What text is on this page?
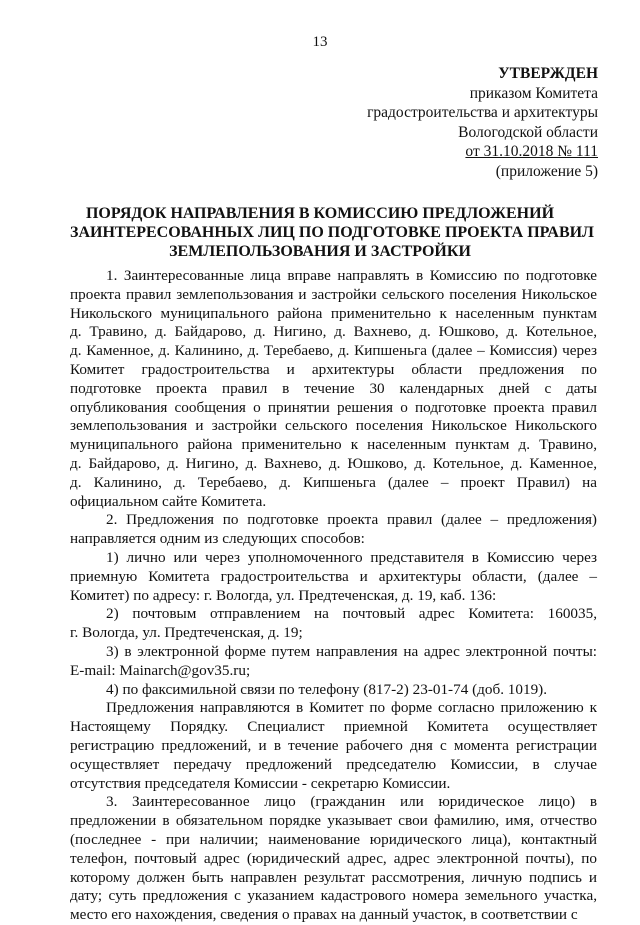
13
УТВЕРЖДЕН
приказом Комитета
градостроительства и архитектуры
Вологодской области
от 31.10.2018 № 111
(приложение 5)
ПОРЯДОК НАПРАВЛЕНИЯ В КОМИССИЮ ПРЕДЛОЖЕНИЙ
ЗАИНТЕРЕСОВАННЫХ ЛИЦ ПО ПОДГОТОВКЕ ПРОЕКТА ПРАВИЛ
ЗЕМЛЕПОЛЬЗОВАНИЯ И ЗАСТРОЙКИ
1. Заинтересованные лица вправе направлять в Комиссию по подготовке
проекта правил землепользования и застройки сельского поселения Никольское
Никольского муниципального района применительно к населенным пунктам
д. Травино, д. Байдарово, д. Нигино, д. Вахнево, д. Юшково, д. Котельное,
д. Каменное, д. Калинино, д. Теребаево, д. Кипшеньга (далее – Комиссия) через
Комитет градостроительства и архитектуры области предложения по
подготовке проекта правил в течение 30 календарных дней с даты
опубликования сообщения о принятии решения о подготовке проекта правил
землепользования и застройки сельского поселения Никольское Никольского
муниципального района применительно к населенным пунктам д. Травино,
д. Байдарово, д. Нигино, д. Вахнево, д. Юшково, д. Котельное, д. Каменное,
д. Калинино, д. Теребаево, д. Кипшеньга (далее – проект Правил) на
официальном сайте Комитета.
2. Предложения по подготовке проекта правил (далее – предложения)
направляется одним из следующих способов:
1) лично или через уполномоченного представителя в Комиссию через
приемную Комитета градостроительства и архитектуры области, (далее –
Комитет) по адресу: г. Вологда, ул. Предтеченская, д. 19, каб. 136:
2) почтовым отправлением на почтовый адрес Комитета: 160035,
г. Вологда, ул. Предтеченская, д. 19;
3) в электронной форме путем направления на адрес электронной почты:
E-mail: Mainarch@gov35.ru;
4) по факсимильной связи по телефону (817-2) 23-01-74 (доб. 1019).
Предложения направляются в Комитет по форме согласно приложению к
Настоящему Порядку. Специалист приемной Комитета осуществляет
регистрацию предложений, и в течение рабочего дня с момента регистрации
осуществляет передачу предложений председателю Комиссии, в случае
отсутствия председателя Комиссии - секретарю Комиссии.
3. Заинтересованное лицо (гражданин или юридическое лицо) в
предложении в обязательном порядке указывает свои фамилию, имя, отчество
(последнее - при наличии; наименование юридического лица), контактный
телефон, почтовый адрес (юридический адрес, адрес электронной почты), по
которому должен быть направлен результат рассмотрения, личную подпись и
дату; суть предложения с указанием кадастрового номера земельного участка,
место его нахождения, сведения о правах на данный участок, в соответствии с
